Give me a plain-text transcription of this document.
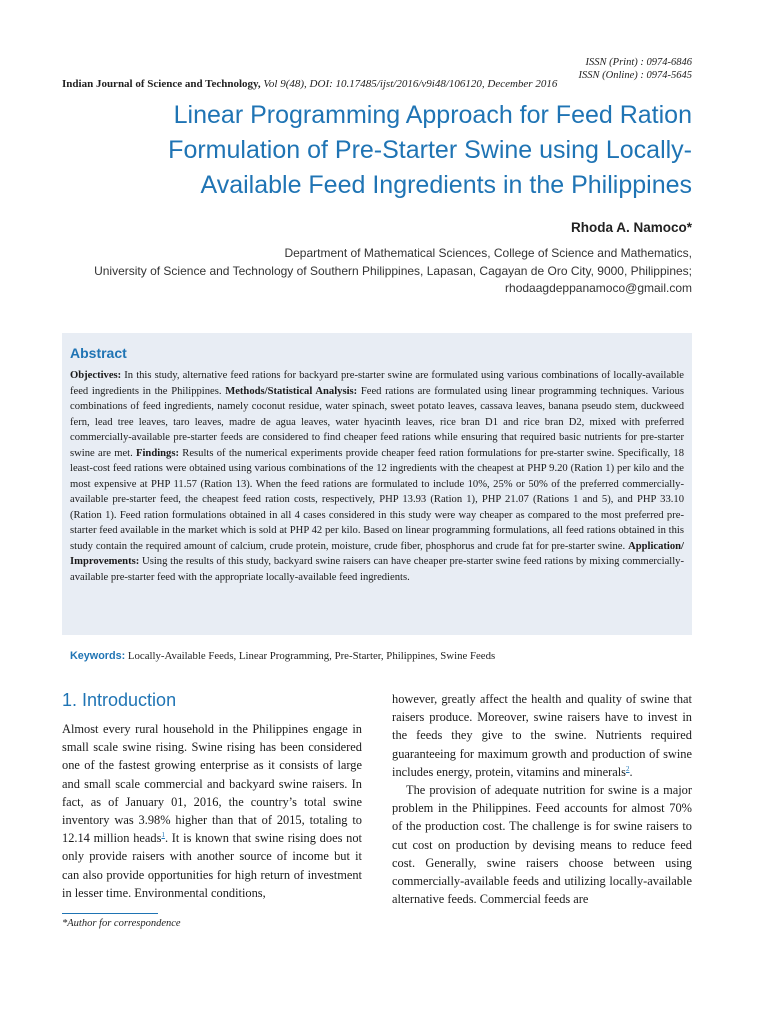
ISSN (Print) : 0974-6846
ISSN (Online) : 0974-5645
Indian Journal of Science and Technology, Vol 9(48), DOI: 10.17485/ijst/2016/v9i48/106120, December 2016
Linear Programming Approach for Feed Ration
Formulation of Pre-Starter Swine using Locally-
Available Feed Ingredients in the Philippines
Rhoda A. Namoco*
Department of Mathematical Sciences, College of Science and Mathematics,
University of Science and Technology of Southern Philippines, Lapasan, Cagayan de Oro City, 9000, Philippines;
rhodaagdeppanamoco@gmail.com
Abstract

Objectives: In this study, alternative feed rations for backyard pre-starter swine are formulated using various combinations of locally-available feed ingredients in the Philippines. Methods/Statistical Analysis: Feed rations are formulated using linear programming techniques. Various combinations of feed ingredients, namely coconut residue, water spinach, sweet potato leaves, cassava leaves, banana pseudo stem, duckweed fern, lead tree leaves, taro leaves, madre de agua leaves, water hyacinth leaves, rice bran D1 and rice bran D2, mixed with preferred commercially-available pre-starter feeds are considered to find cheaper feed rations while ensuring that required basic nutrients for pre-starter swine are met. Findings: Results of the numerical experiments provide cheaper feed ration formulations for pre-starter swine. Specifically, 18 least-cost feed rations were obtained using various combinations of the 12 ingredients with the cheapest at PHP 9.20 (Ration 1) per kilo and the most expensive at PHP 11.57 (Ration 13). When the feed rations are formulated to include 10%, 25% or 50% of the preferred commercially-available pre-starter feed, the cheapest feed ration costs, respectively, PHP 13.93 (Ration 1), PHP 21.07 (Rations 1 and 5), and PHP 33.10 (Ration 1). Feed ration formulations obtained in all 4 cases considered in this study were way cheaper as compared to the most preferred pre-starter feed available in the market which is sold at PHP 42 per kilo. Based on linear programming formulations, all feed rations obtained in this study contain the required amount of calcium, crude protein, moisture, crude fiber, phosphorus and crude fat for pre-starter swine. Application/ Improvements: Using the results of this study, backyard swine raisers can have cheaper pre-starter swine feed rations by mixing commercially-available pre-starter feed with the appropriate locally-available feed ingredients.

Keywords: Locally-Available Feeds, Linear Programming, Pre-Starter, Philippines, Swine Feeds
1. Introduction

Almost every rural household in the Philippines engage in small scale swine rising. Swine rising has been considered one of the fastest growing enterprise as it consists of large and small scale commercial and backyard swine raisers. In fact, as of January 01, 2016, the country’s total swine inventory was 3.98% higher than that of 2015, totaling to 12.14 million heads$^1$. It is known that swine rising does not only provide raisers with another source of income but it can also provide opportunities for high return of investment in lesser time. Environmental conditions,

however, greatly affect the health and quality of swine that raisers produce. Moreover, swine raisers have to invest in the feeds they give to the swine. Nutrients required guaranteeing for maximum growth and production of swine includes energy, protein, vitamins and minerals$^2$.

The provision of adequate nutrition for swine is a major problem in the Philippines. Feed accounts for almost 70% of the production cost. The challenge is for swine raisers to cut cost on production by devising means to reduce feed cost. Generally, swine raisers choose between using commercially-available feeds and utilizing locally-available alternative feeds. Commercial feeds are

*Author for correspondence
